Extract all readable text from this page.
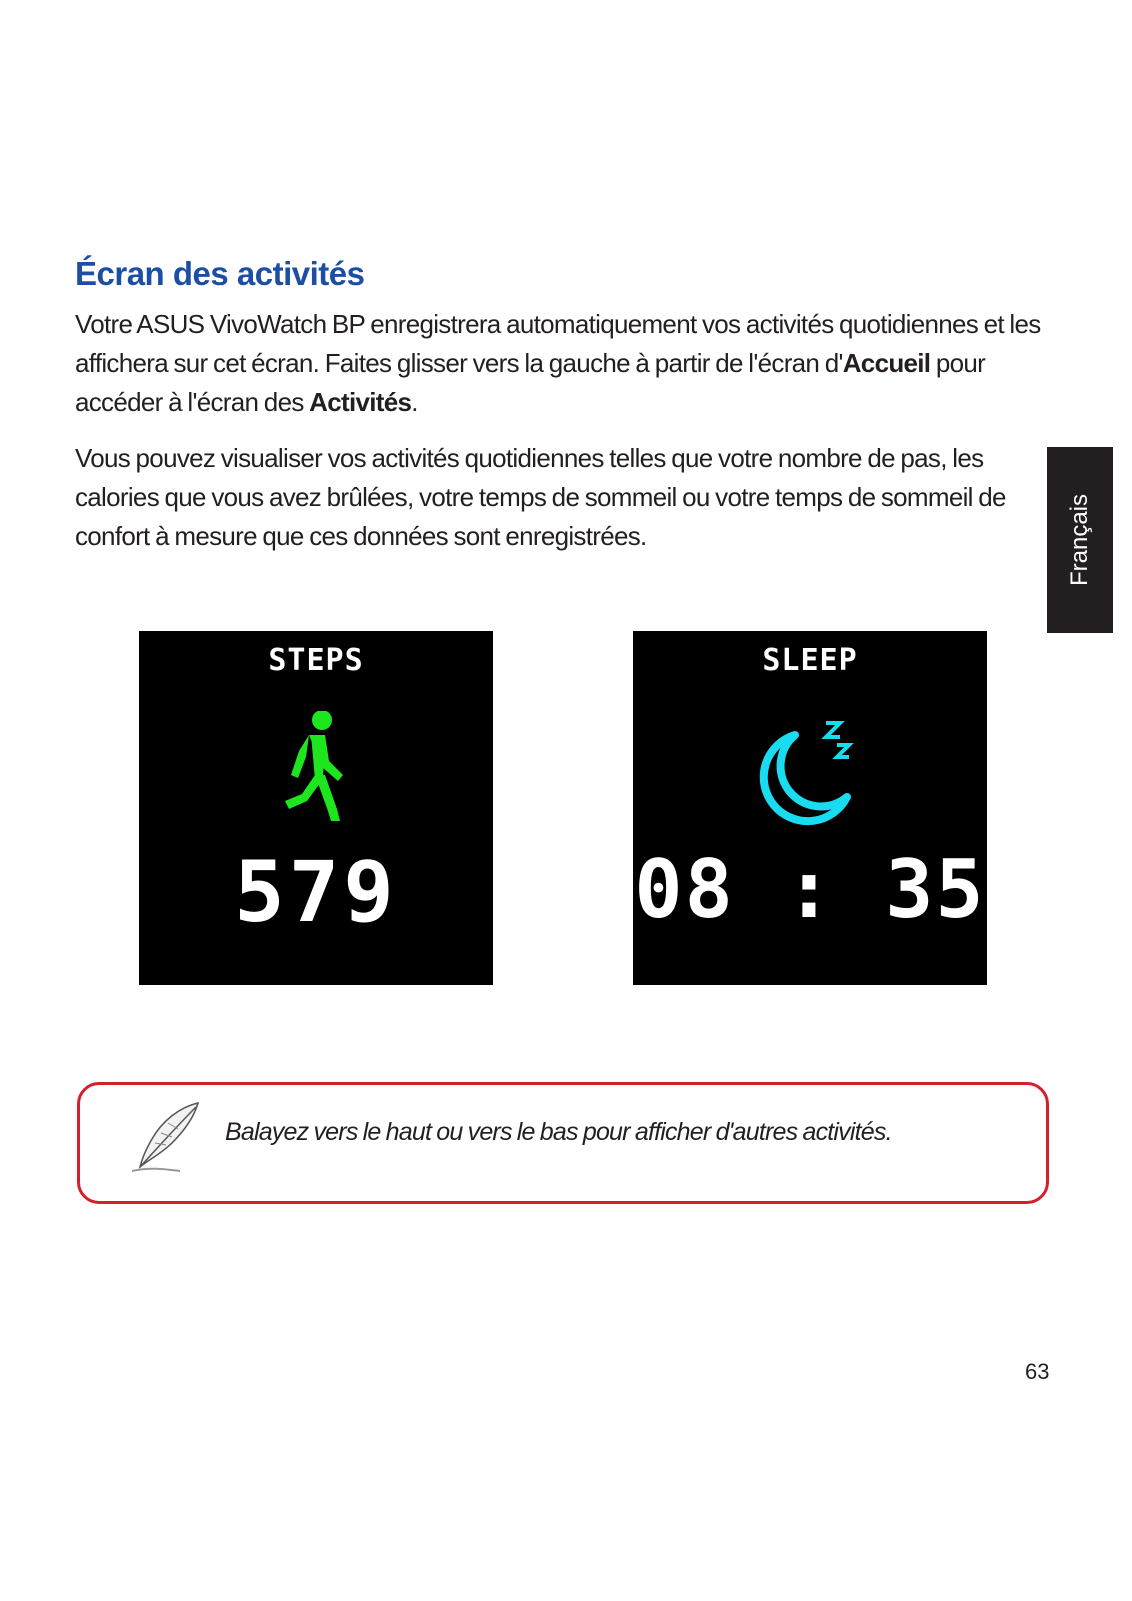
Écran des activités

Votre ASUS VivoWatch BP enregistrera automatiquement vos activités quotidiennes et les affichera sur cet écran. Faites glisser vers la gauche à partir de l'écran d'Accueil pour accéder à l'écran des Activités.

Vous pouvez visualiser vos activités quotidiennes telles que votre nombre de pas, les calories que vous avez brûlées, votre temps de sommeil ou votre temps de sommeil de confort à mesure que ces données sont enregistrées.	Français
STEPS
579
SLEEP
08 : 35
Balayez vers le haut ou vers le bas pour afficher d'autres activités.
63
